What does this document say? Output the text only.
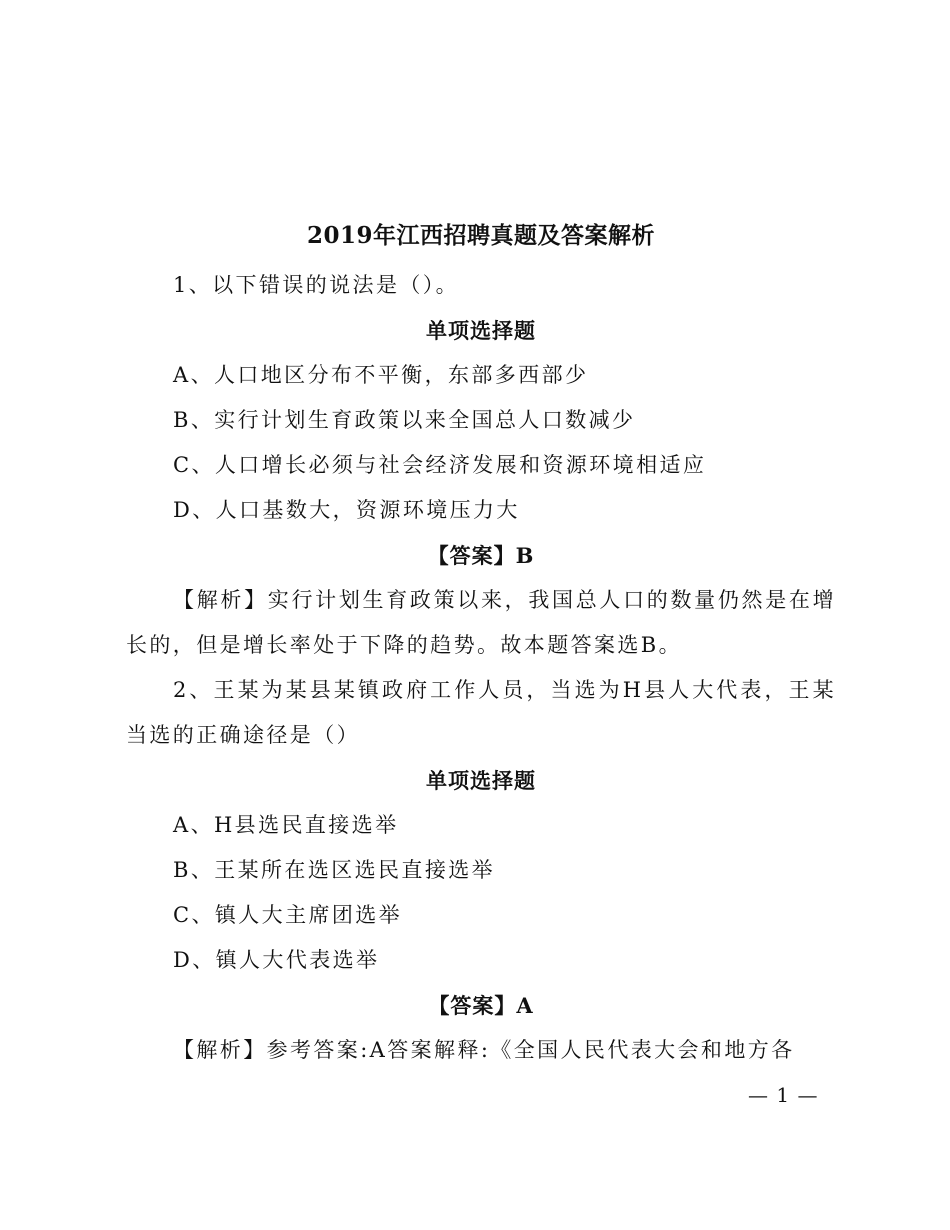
2019年江西招聘真题及答案解析
1、以下错误的说法是（）。
单项选择题
A、人口地区分布不平衡，东部多西部少
B、实行计划生育政策以来全国总人口数减少
C、人口增长必须与社会经济发展和资源环境相适应
D、人口基数大，资源环境压力大
【答案】B
【解析】实行计划生育政策以来，我国总人口的数量仍然是在增长的，但是增长率处于下降的趋势。故本题答案选B。
2、王某为某县某镇政府工作人员，当选为H县人大代表，王某当选的正确途径是（）
单项选择题
A、H县选民直接选举
B、王某所在选区选民直接选举
C、镇人大主席团选举
D、镇人大代表选举
【答案】A
【解析】参考答案:A答案解释:《全国人民代表大会和地方各
— 1 —
